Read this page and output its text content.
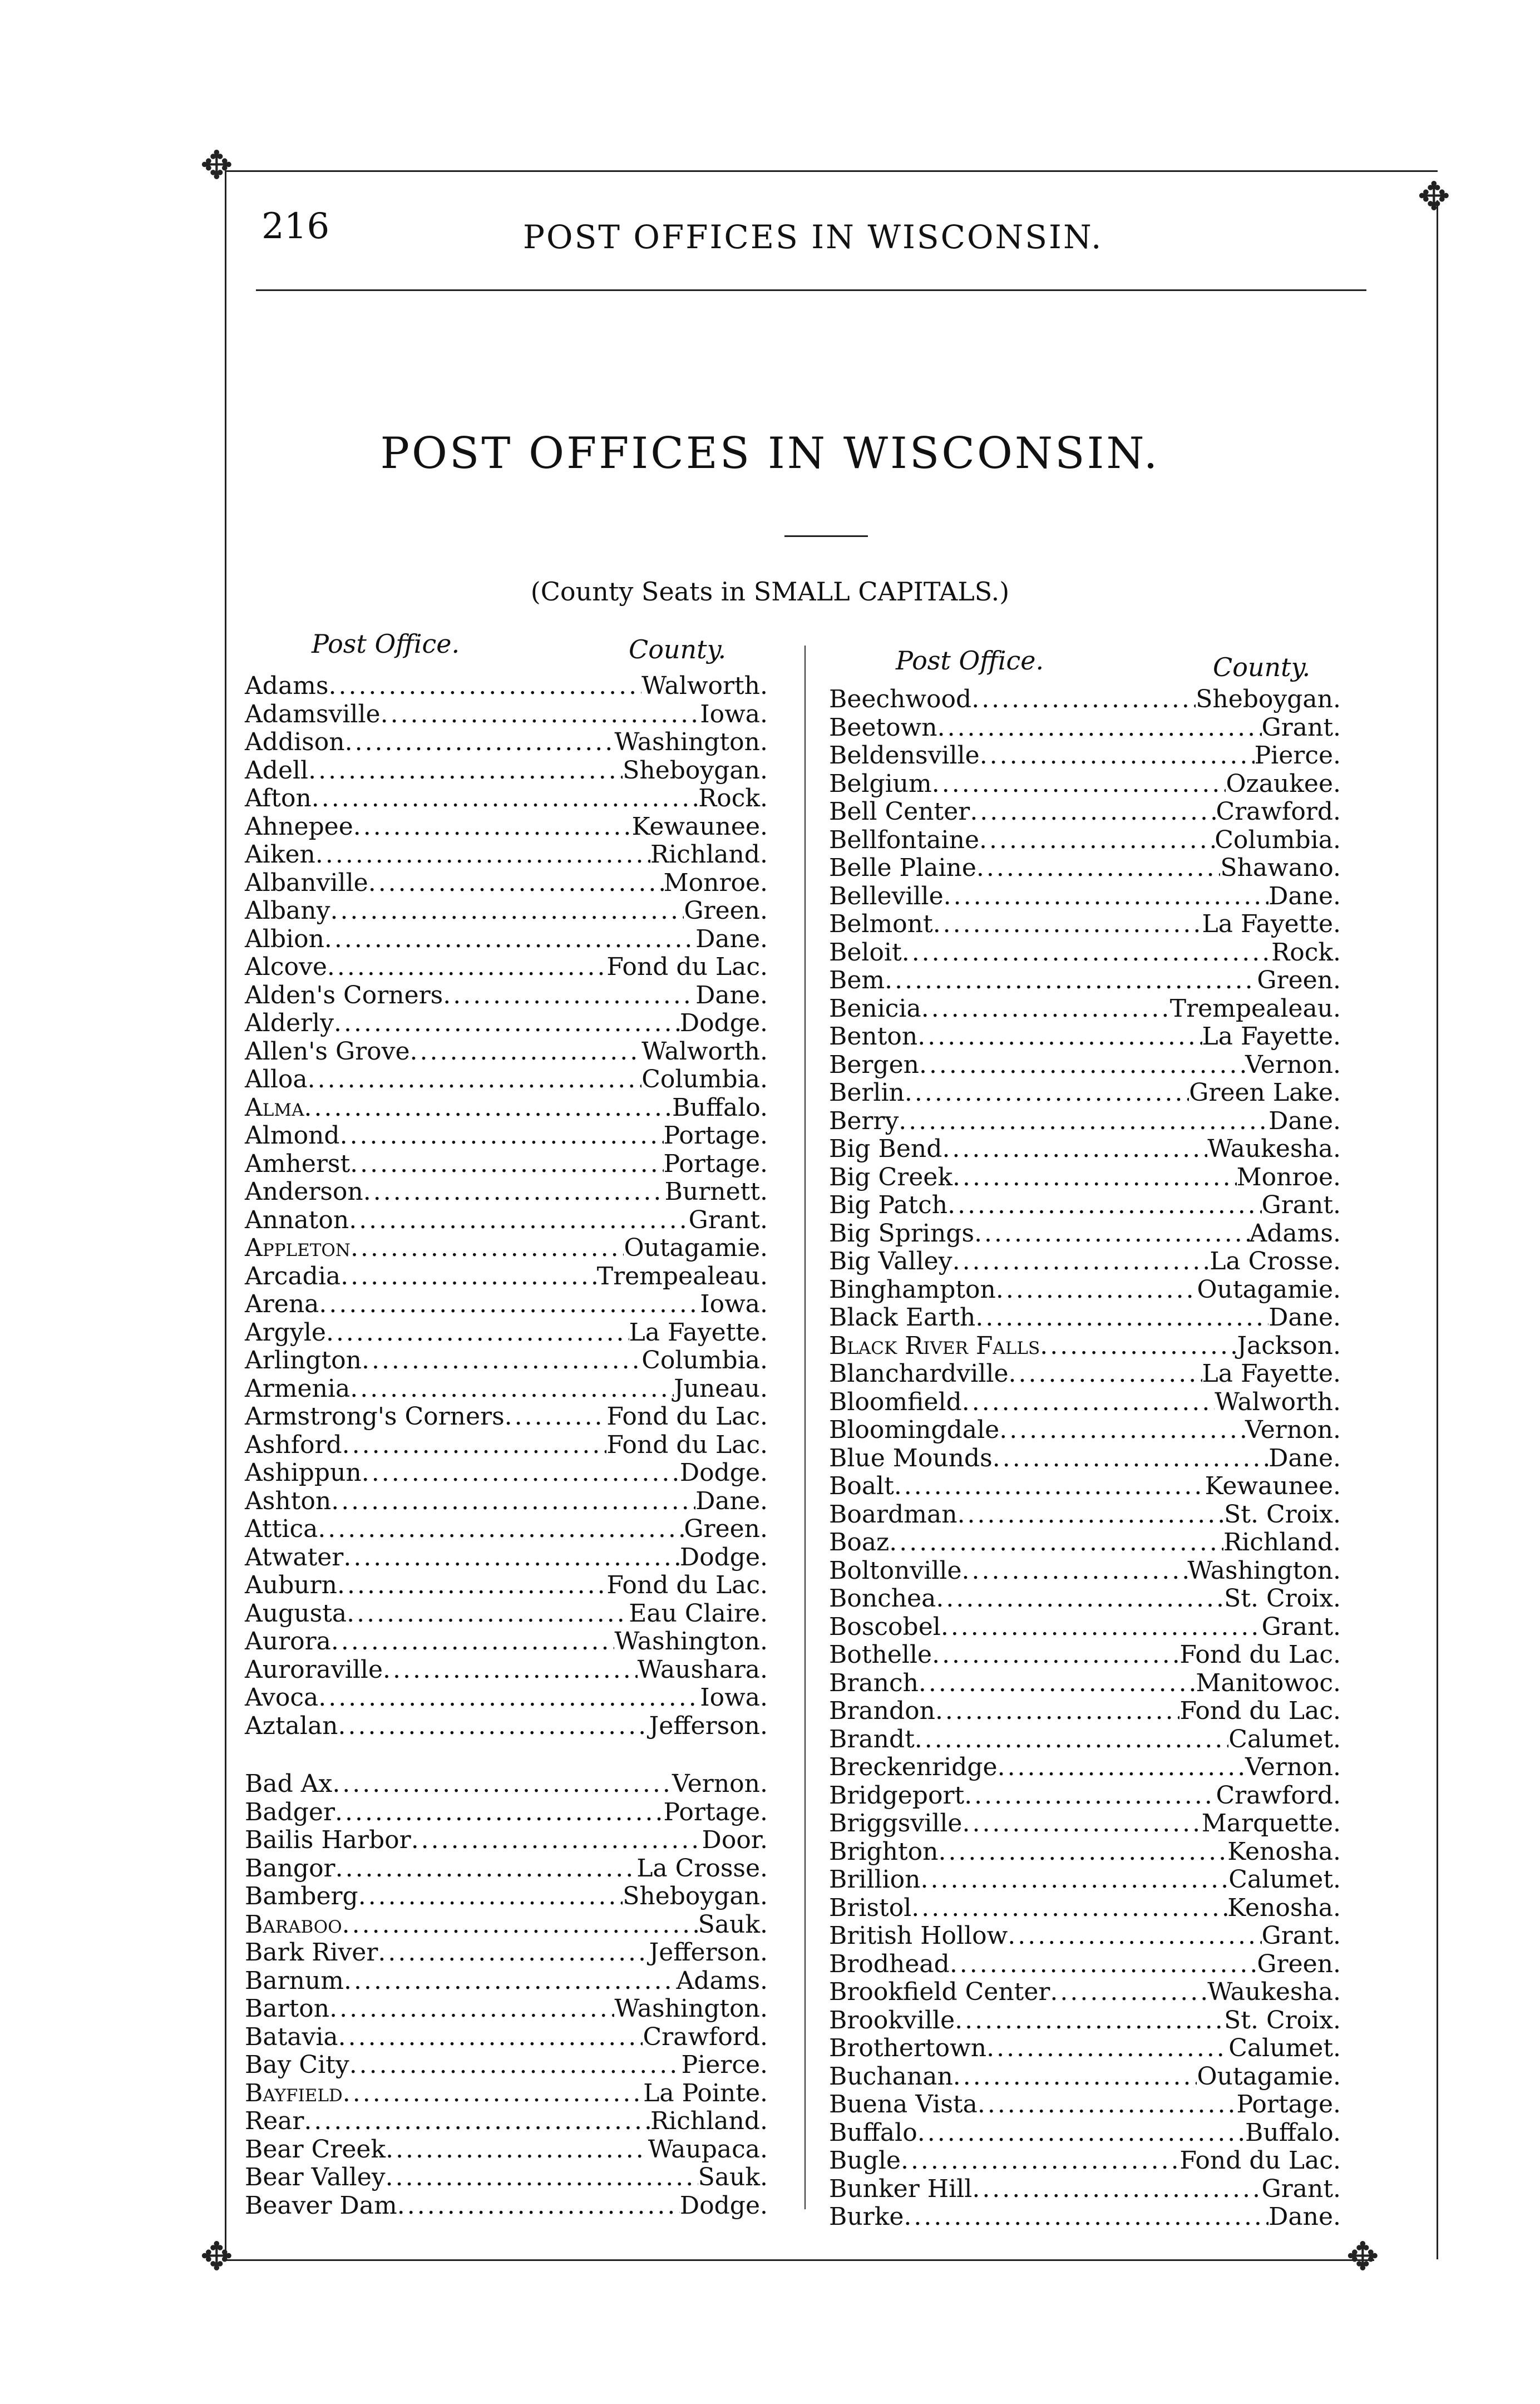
✥
✥
✥	✥
216	POST OFFICES IN WISCONSIN.
POST OFFICES IN WISCONSIN.
(County Seats in SMALL CAPITALS.)
Post Office.	County.	Post Office.	County.
Adams .....	Walworth.
Adamsville .....	Iowa.
Addison .....	Washington.
Adell .....	Sheboygan.
Afton .....	Rock.
Ahnepee .....	Kewaunee.
Aiken .....	Richland.
Albanville .....	Monroe.
Albany .....	Green.
Albion .....	Dane.
Alcove .....	Fond du Lac.
Alden's Corners .....	Dane.
Alderly .....	Dodge.
Allen's Grove .....	Walworth.
Alloa .....	Columbia.
Alma .....	Buffalo.
Almond .....	Portage.
Amherst .....	Portage.
Anderson .....	Burnett.
Annaton .....	Grant.
Appleton .....	Outagamie.
Arcadia .....	Trempealeau.
Arena .....	Iowa.
Argyle .....	La Fayette.
Arlington .....	Columbia.
Armenia .....	Juneau.
Armstrong's Corners .....	Fond du Lac.
Ashford .....	Fond du Lac.
Ashippun .....	Dodge.
Ashton .....	Dane.
Attica .....	Green.
Atwater .....	Dodge.
Auburn .....	Fond du Lac.
Augusta .....	Eau Claire.
Aurora .....	Washington.
Auroraville .....	Waushara.
Avoca .....	Iowa.
Aztalan .....	Jefferson.
Bad Ax .....	Vernon.
Badger .....	Portage.
Bailis Harbor .....	Door.
Bangor .....	La Crosse.
Bamberg .....	Sheboygan.
Baraboo .....	Sauk.
Bark River .....	Jefferson.
Barnum .....	Adams.
Barton .....	Washington.
Batavia .....	Crawford.
Bay City .....	Pierce.
Bayfield .....	La Pointe.
Rear .....	Richland.
Bear Creek .....	Waupaca.
Bear Valley .....	Sauk.
Beaver Dam .....	Dodge.
Beechwood .....	Sheboygan.
Beetown .....	Grant.
Beldensville .....	Pierce.
Belgium .....	Ozaukee.
Bell Center .....	Crawford.
Bellfontaine .....	Columbia.
Belle Plaine .....	Shawano.
Belleville .....	Dane.
Belmont .....	La Fayette.
Beloit .....	Rock.
Bem .....	Green.
Benicia .....	Trempealeau.
Benton .....	La Fayette.
Bergen .....	Vernon.
Berlin .....	Green Lake.
Berry .....	Dane.
Big Bend .....	Waukesha.
Big Creek .....	Monroe.
Big Patch .....	Grant.
Big Springs .....	Adams.
Big Valley .....	La Crosse.
Binghampton .....	Outagamie.
Black Earth .....	Dane.
Black River Falls .....	Jackson.
Blanchardville .....	La Fayette.
Bloomfield .....	Walworth.
Bloomingdale .....	Vernon.
Blue Mounds .....	Dane.
Boalt .....	Kewaunee.
Boardman .....	St. Croix.
Boaz .....	Richland.
Boltonville .....	Washington.
Bonchea .....	St. Croix.
Boscobel .....	Grant.
Bothelle .....	Fond du Lac.
Branch .....	Manitowoc.
Brandon .....	Fond du Lac.
Brandt .....	Calumet.
Breckenridge .....	Vernon.
Bridgeport .....	Crawford.
Briggsville .....	Marquette.
Brighton .....	Kenosha.
Brillion .....	Calumet.
Bristol .....	Kenosha.
British Hollow .....	Grant.
Brodhead .....	Green.
Brookfield Center .....	Waukesha.
Brookville .....	St. Croix.
Brothertown .....	Calumet.
Buchanan .....	Outagamie.
Buena Vista .....	Portage.
Buffalo .....	Buffalo.
Bugle .....	Fond du Lac.
Bunker Hill .....	Grant.
Burke .....	Dane.
